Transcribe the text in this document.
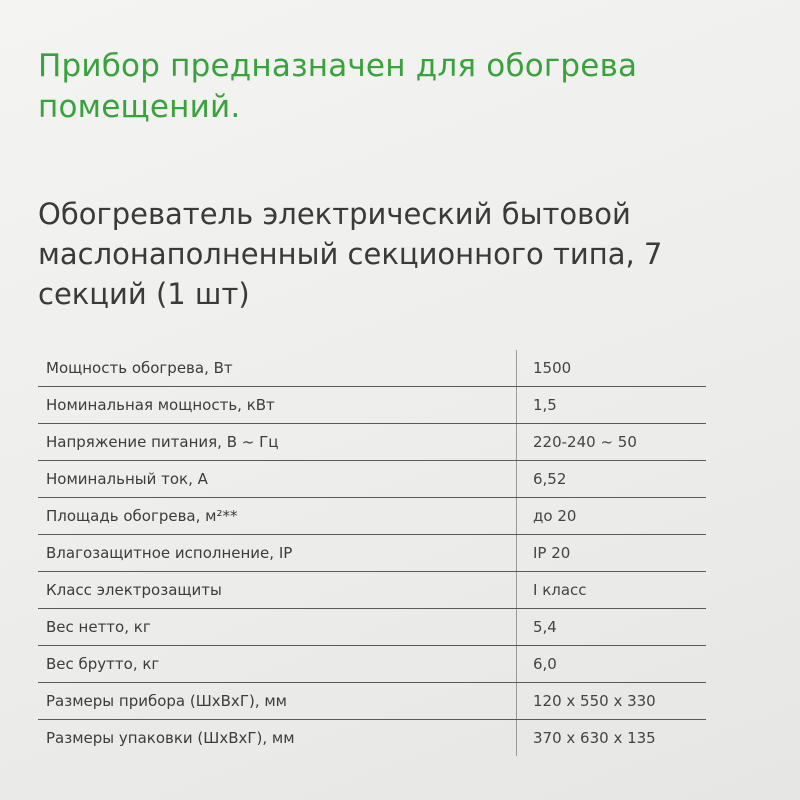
Прибор предназначен для обогрева помещений.

Обогреватель электрический бытовой маслонаполненный секционного типа, 7 секций (1 шт)

Мощность обогрева, Вт	1500
Номинальная мощность, кВт	1,5
Напряжение питания, В ~ Гц	220-240 ~ 50
Номинальный ток, А	6,52
Площадь обогрева, м²**	до 20
Влагозащитное исполнение, IP	IP 20
Класс электрозащиты	I класс
Вес нетто, кг	5,4
Вес брутто, кг	6,0
Размеры прибора (ШхВхГ), мм	120 x 550 x 330
Размеры упаковки (ШхВхГ), мм	370 x 630 x 135
